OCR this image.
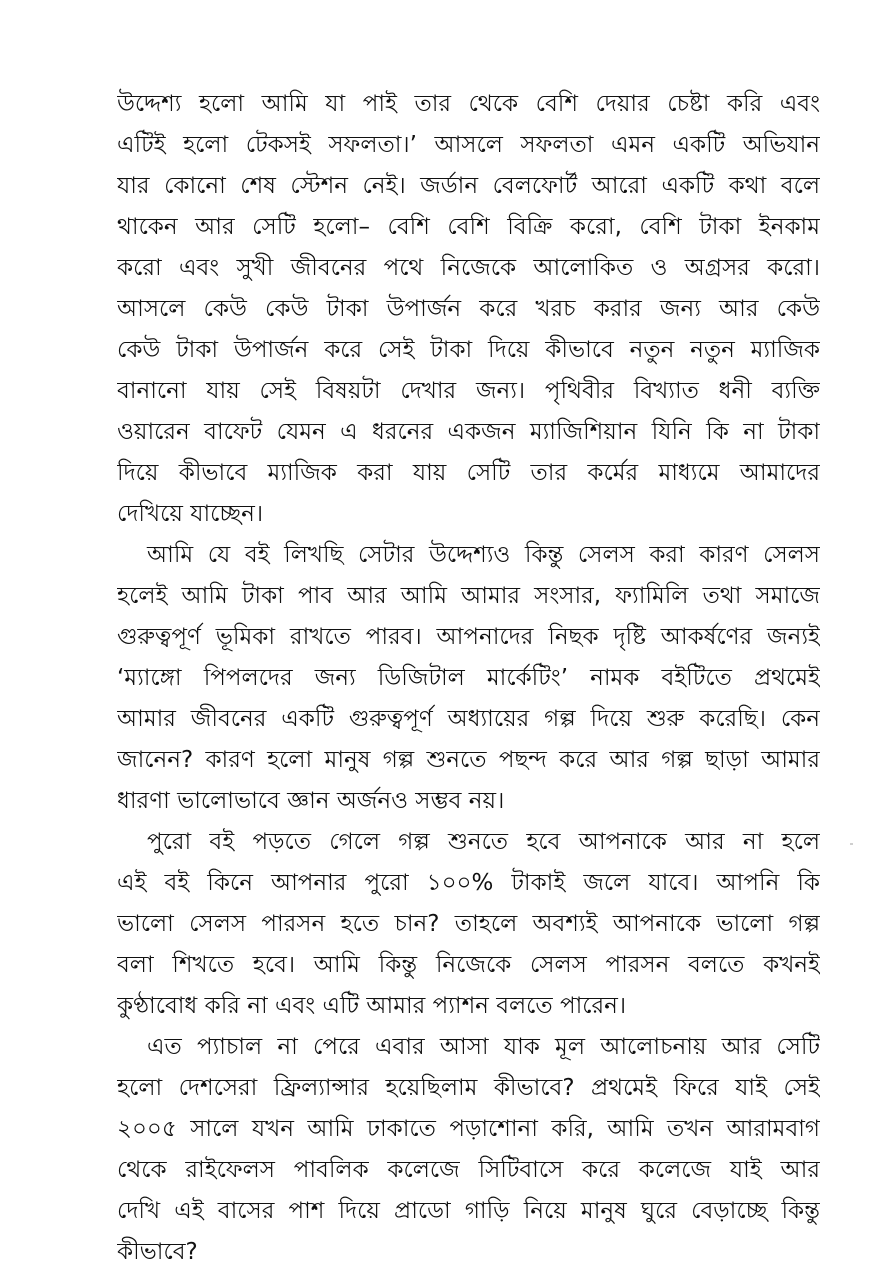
উদ্দেশ্য হলো আমি যা পাই তার থেকে বেশি দেয়ার চেষ্টা করি এবং
এটিই হলো টেকসই সফলতা।’ আসলে সফলতা এমন একটি অভিযান
যার কোনো শেষ স্টেশন নেই। জর্ডান বেলফোর্ট আরো একটি কথা বলে
থাকেন আর সেটি হলো– বেশি বেশি বিক্রি করো, বেশি টাকা ইনকাম
করো এবং সুখী জীবনের পথে নিজেকে আলোকিত ও অগ্রসর করো।
আসলে কেউ কেউ টাকা উপার্জন করে খরচ করার জন্য আর কেউ
কেউ টাকা উপার্জন করে সেই টাকা দিয়ে কীভাবে নতুন নতুন ম্যাজিক
বানানো যায় সেই বিষয়টা দেখার জন্য। পৃথিবীর বিখ্যাত ধনী ব্যক্তি
ওয়ারেন বাফেট যেমন এ ধরনের একজন ম্যাজিশিয়ান যিনি কি না টাকা
দিয়ে কীভাবে ম্যাজিক করা যায় সেটি তার কর্মের মাধ্যমে আমাদের
দেখিয়ে যাচ্ছেন।
আমি যে বই লিখছি সেটার উদ্দেশ্যও কিন্তু সেলস করা কারণ সেলস
হলেই আমি টাকা পাব আর আমি আমার সংসার, ফ্যামিলি তথা সমাজে
গুরুত্বপূর্ণ ভূমিকা রাখতে পারব। আপনাদের নিছক দৃষ্টি আকর্ষণের জন্যই
‘ম্যাঙ্গো পিপলদের জন্য ডিজিটাল মার্কেটিং’ নামক বইটিতে প্রথমেই
আমার জীবনের একটি গুরুত্বপূর্ণ অধ্যায়ের গল্প দিয়ে শুরু করেছি। কেন
জানেন? কারণ হলো মানুষ গল্প শুনতে পছন্দ করে আর গল্প ছাড়া আমার
ধারণা ভালোভাবে জ্ঞান অর্জনও সম্ভব নয়।
পুরো বই পড়তে গেলে গল্প শুনতে হবে আপনাকে আর না হলে
এই বই কিনে আপনার পুরো ১০০% টাকাই জলে যাবে। আপনি কি
ভালো সেলস পারসন হতে চান? তাহলে অবশ্যই আপনাকে ভালো গল্প
বলা শিখতে হবে। আমি কিন্তু নিজেকে সেলস পারসন বলতে কখনই
কুণ্ঠাবোধ করি না এবং এটি আমার প্যাশন বলতে পারেন।
এত প্যাচাল না পেরে এবার আসা যাক মূল আলোচনায় আর সেটি
হলো দেশসেরা ফ্রিল্যান্সার হয়েছিলাম কীভাবে? প্রথমেই ফিরে যাই সেই
২০০৫ সালে যখন আমি ঢাকাতে পড়াশোনা করি, আমি তখন আরামবাগ
থেকে রাইফেলস পাবলিক কলেজে সিটিবাসে করে কলেজে যাই আর
দেখি এই বাসের পাশ দিয়ে প্রাডো গাড়ি নিয়ে মানুষ ঘুরে বেড়াচ্ছে কিন্তু
কীভাবে?
